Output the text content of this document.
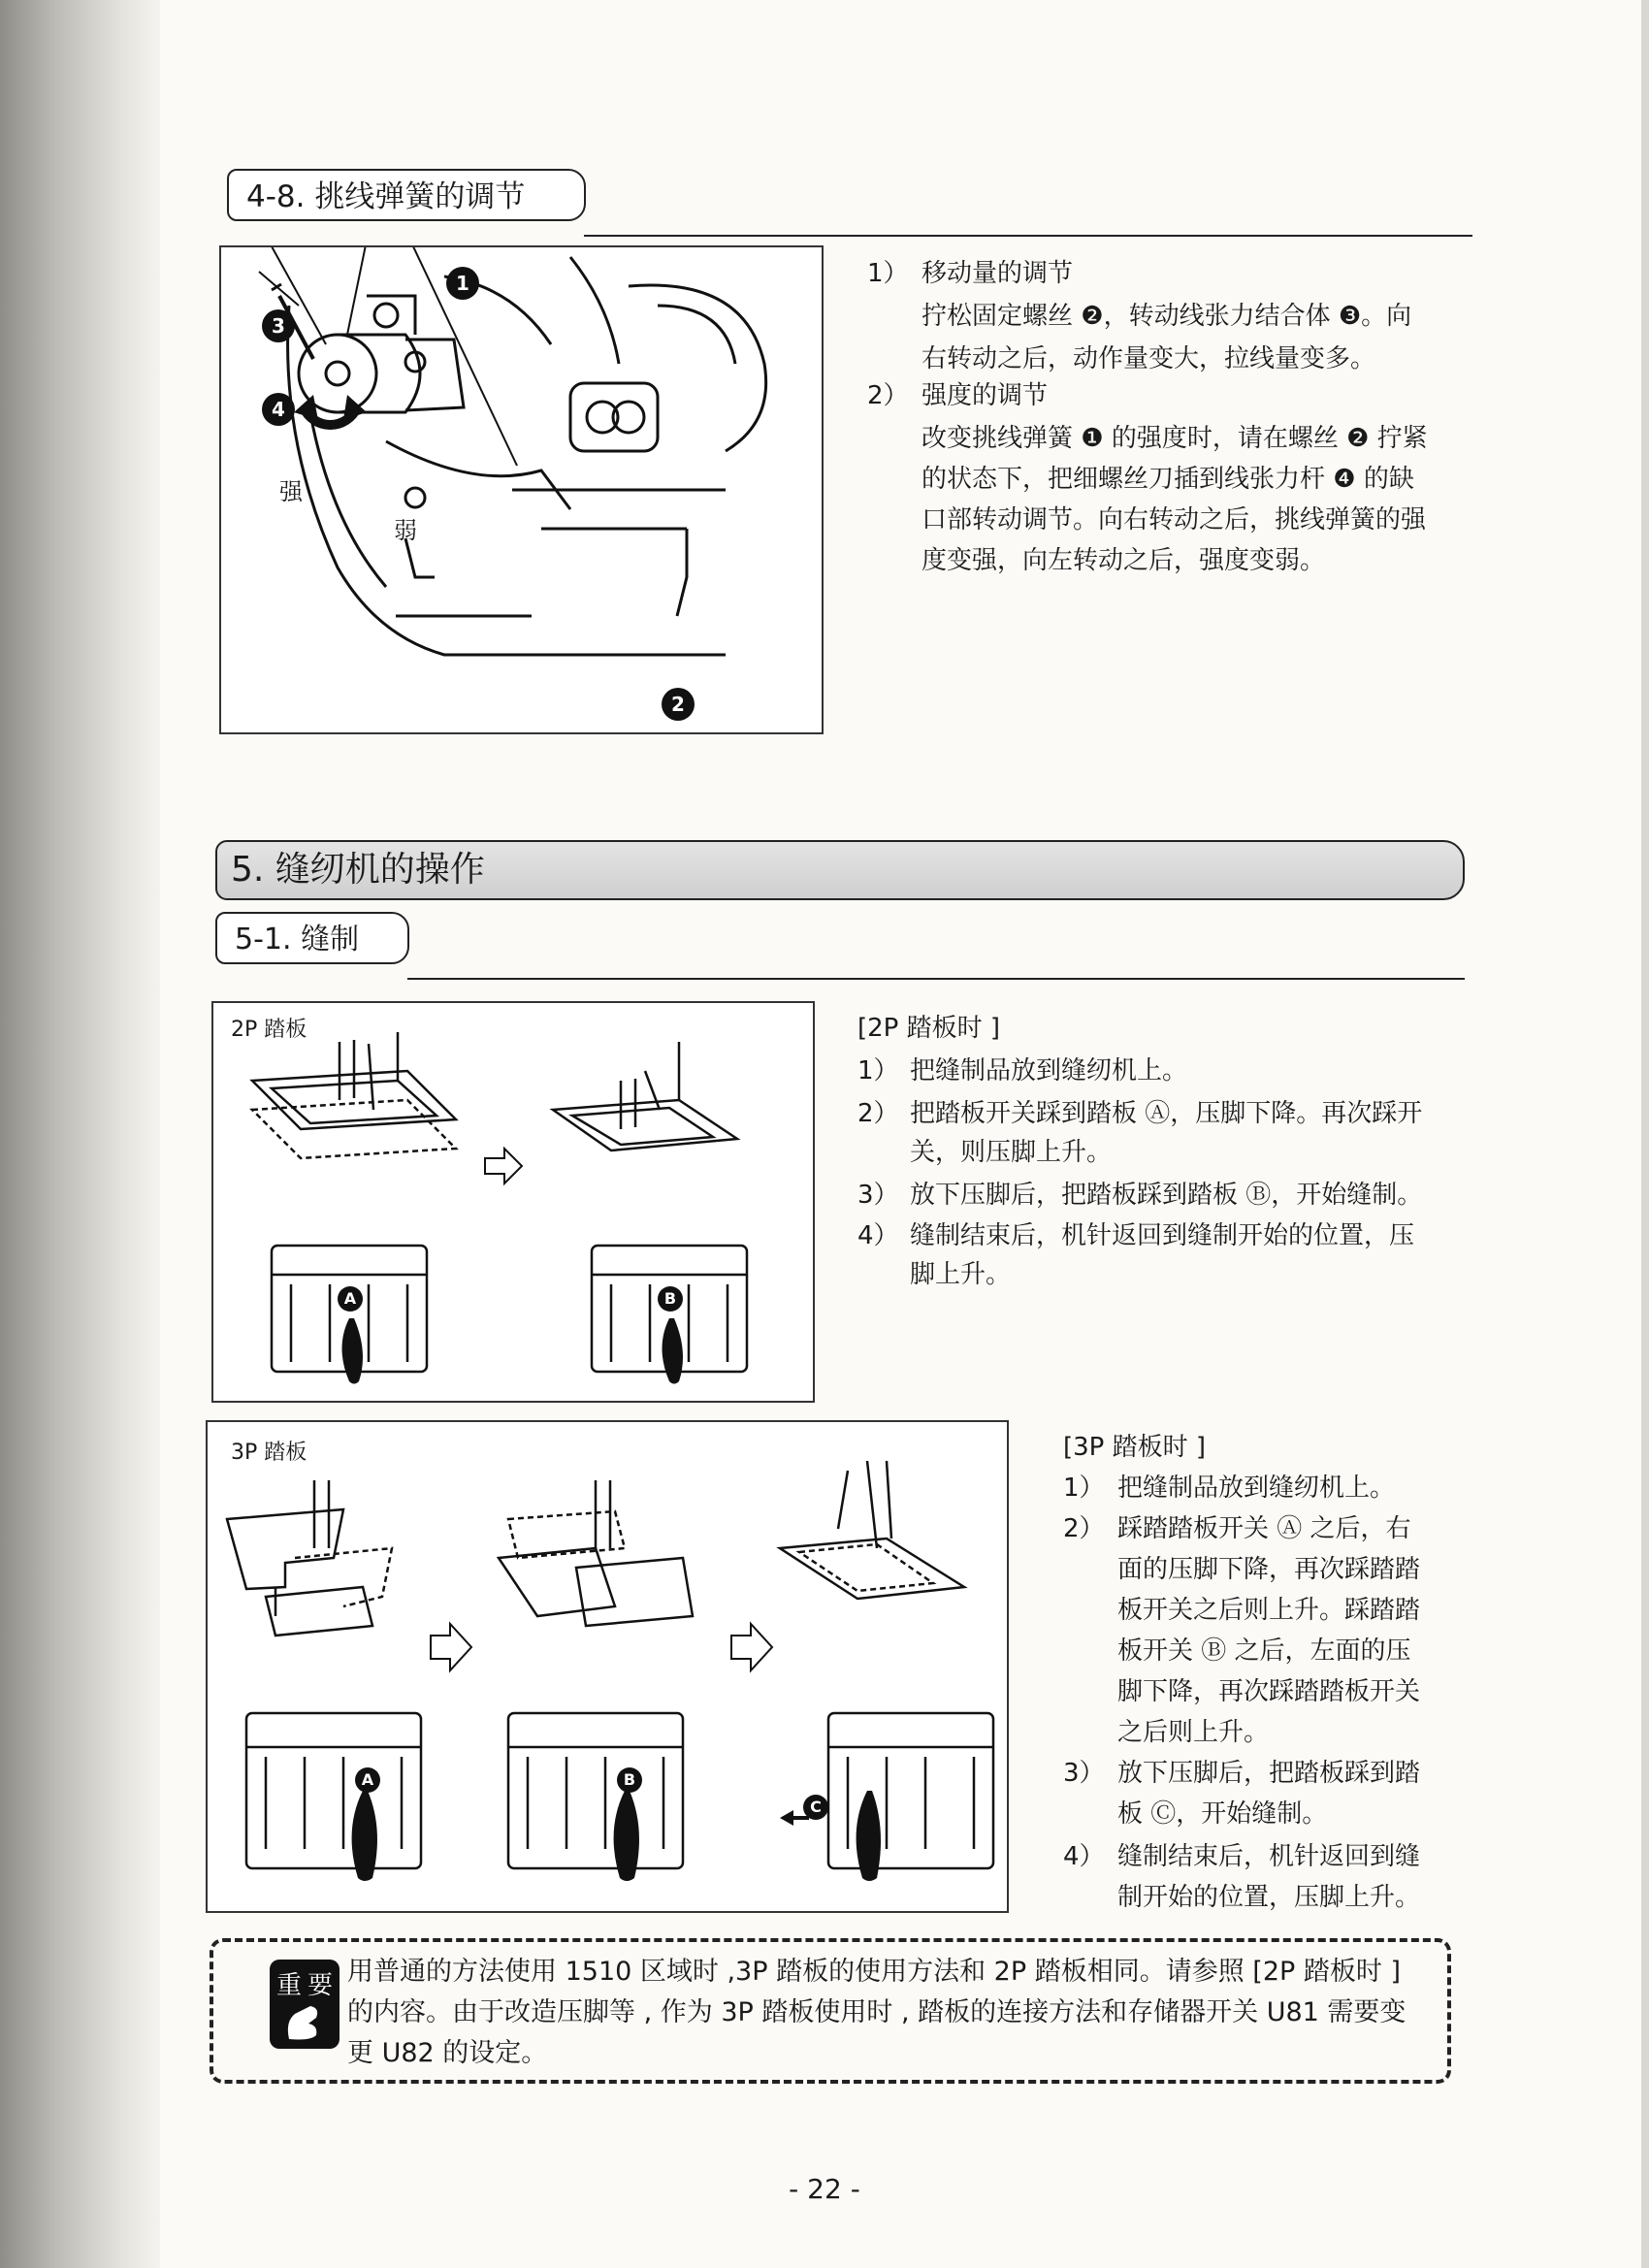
4-8. 挑线弹簧的调节
1
3
4
2
强
弱
1） 移动量的调节
拧松固定螺丝 ❷，转动线张力结合体 ❸。向
右转动之后，动作量变大，拉线量变多。
2） 强度的调节
改变挑线弹簧 ❶ 的强度时，请在螺丝 ❷ 拧紧
的状态下，把细螺丝刀插到线张力杆 ❹ 的缺
口部转动调节。向右转动之后，挑线弹簧的强
度变强，向左转动之后，强度变弱。
5. 缝纫机的操作
5-1. 缝制
2P 踏板
A	B
[2P 踏板时 ]
1） 把缝制品放到缝纫机上。
2） 把踏板开关踩到踏板 Ⓐ，压脚下降。再次踩开
关，则压脚上升。
3） 放下压脚后，把踏板踩到踏板 Ⓑ，开始缝制。
4） 缝制结束后，机针返回到缝制开始的位置，压
脚上升。
3P 踏板
A	B
C
[3P 踏板时 ]
1） 把缝制品放到缝纫机上。
2） 踩踏踏板开关 Ⓐ 之后，右
面的压脚下降，再次踩踏踏
板开关之后则上升。踩踏踏
板开关 Ⓑ 之后，左面的压
脚下降，再次踩踏踏板开关
之后则上升。
3） 放下压脚后，把踏板踩到踏
板 Ⓒ，开始缝制。
4） 缝制结束后，机针返回到缝
制开始的位置，压脚上升。
重 要 用普通的方法使用 1510 区域时 ,3P 踏板的使用方法和 2P 踏板相同。请参照 [2P 踏板时 ]
的内容。由于改造压脚等 , 作为 3P 踏板使用时 , 踏板的连接方法和存储器开关 U81 需要变
更 U82 的设定。
- 22 -
